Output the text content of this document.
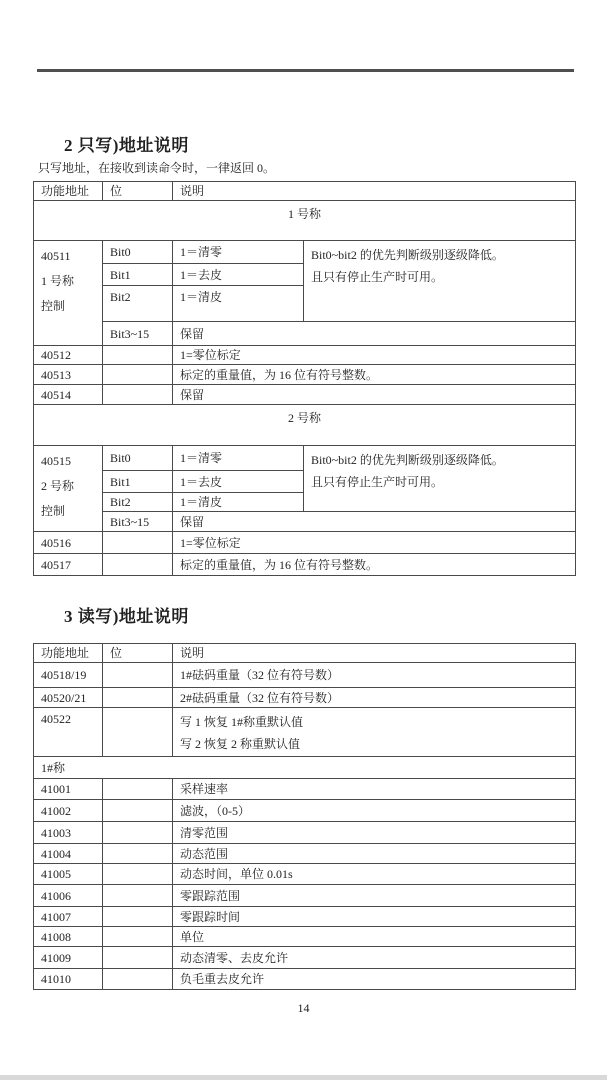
2 只写)地址说明
只写地址，在接收到读命令时，一律返回 0。
功能地址	位	说明	
1 号称			

40511
1 号称
控制
	Bit0	1＝清零	Bit0~bit2 的优先判断级别逐级降低。
且只有停止生产时可用。

	Bit1	1＝去皮	
	Bit2	1＝清皮	
	Bit3~15	保留	
40512		1=零位标定	
40513		标定的重量值，为 16 位有符号整数。	
40514		保留	
2 号称			

40515
2 号称
控制
	Bit0	1＝清零	Bit0~bit2 的优先判断级别逐级降低。
且只有停止生产时可用。

	Bit1	1＝去皮	
	Bit2	1＝清皮	
	Bit3~15	保留	
40516		1=零位标定	
40517		标定的重量值，为 16 位有符号整数。	
3 读写)地址说明
功能地址	位	说明
40518/19		1#砝码重量（32 位有符号数）
40520/21		2#砝码重量（32 位有符号数）
40522		写 1 恢复 1#称重默认值
写 2 恢复 2 称重默认值

1#称		
41001		采样速率
41002		滤波，（0-5）
41003		清零范围
41004		动态范围
41005		动态时间，单位 0.01s
41006		零跟踪范围
41007		零跟踪时间
41008		单位
41009		动态清零、去皮允许
41010		负毛重去皮允许
14
